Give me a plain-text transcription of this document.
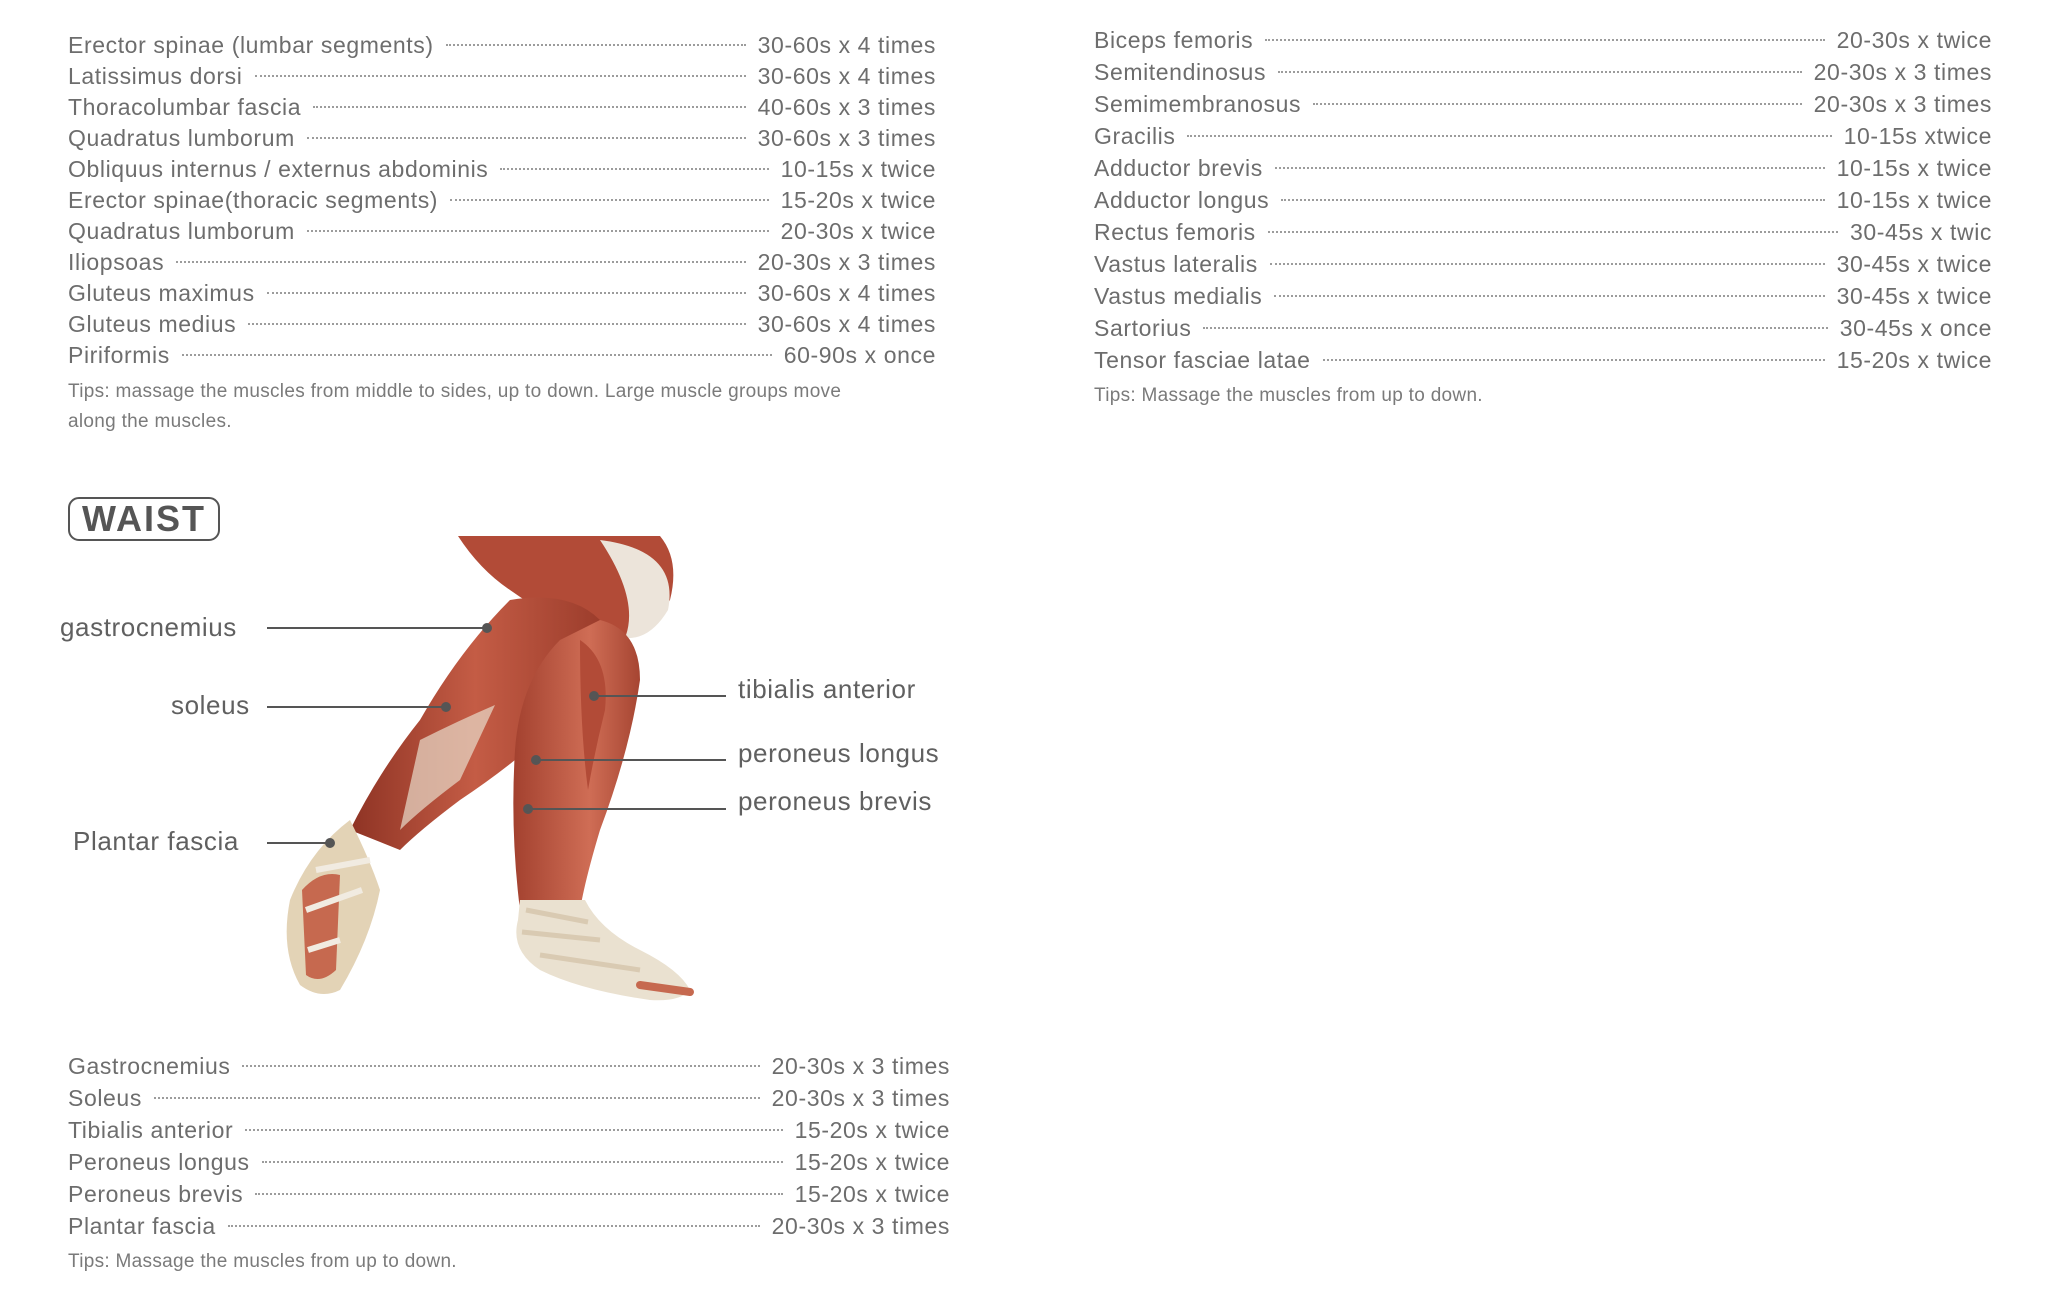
Erector spinae (lumbar segments)	30-60s x 4 times
Latissimus dorsi	30-60s x 4 times
Thoracolumbar fascia	40-60s x 3 times
Quadratus lumborum	30-60s x 3 times
Obliquus internus / externus abdominis	10-15s x twice
Erector spinae(thoracic segments)	15-20s x twice
Quadratus lumborum	20-30s x twice
Iliopsoas	20-30s x 3 times
Gluteus maximus	30-60s x 4 times
Gluteus medius	30-60s x 4 times
Piriformis	60-90s x once
Tips: massage the muscles from middle to sides, up to down. Large muscle groups move
along the muscles.
Biceps femoris	20-30s x twice
Semitendinosus	20-30s x 3 times
Semimembranosus	20-30s x 3 times
Gracilis	10-15s xtwice
Adductor brevis	10-15s x twice
Adductor longus	10-15s x twice
Rectus femoris	30-45s x twic
Vastus lateralis	30-45s x twice
Vastus medialis	30-45s x twice
Sartorius	30-45s x once
Tensor fasciae latae	15-20s x twice
Tips: Massage the muscles from up to down.
WAIST
gastrocnemius
soleus
Plantar fascia
tibialis anterior
peroneus longus
peroneus brevis
Gastrocnemius	20-30s x 3 times
Soleus	20-30s x 3 times
Tibialis anterior	15-20s x twice
Peroneus longus	15-20s x twice
Peroneus brevis	15-20s x twice
Plantar fascia	20-30s x 3 times
Tips: Massage the muscles from up to down.
